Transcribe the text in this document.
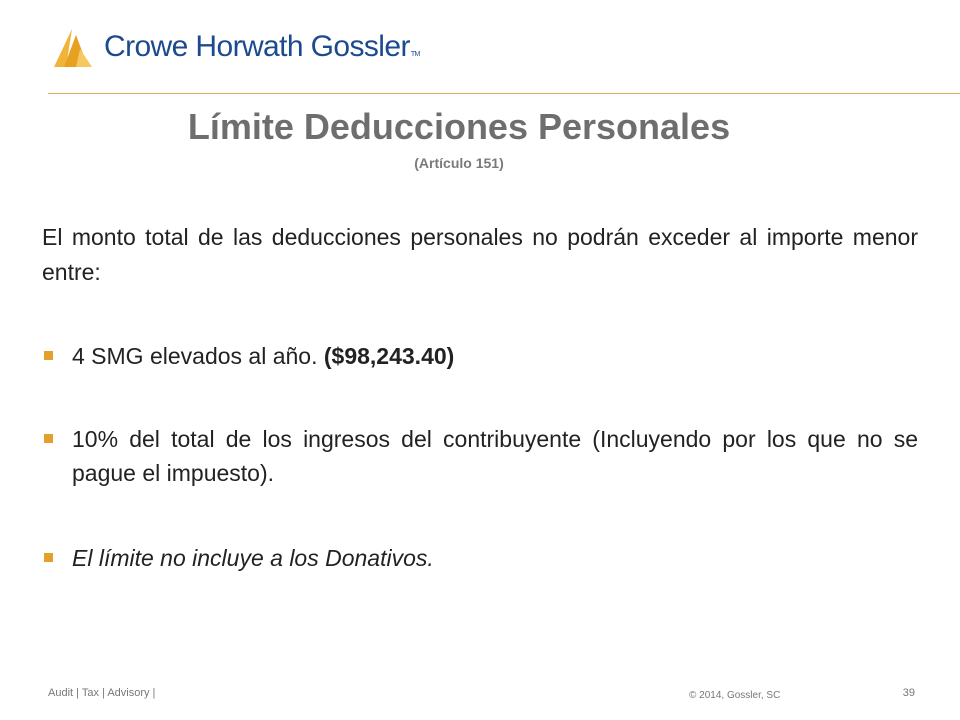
Crowe Horwath GosslerTM
Límite Deducciones Personales
(Artículo 151)

El monto total de las deducciones personales no podrán exceder al importe menor entre:

4 SMG elevados al año. ($98,243.40)
10% del total de los ingresos del contribuyente (Incluyendo por los que no se pague el impuesto).
El límite no incluye a los Donativos.
Audit | Tax | Advisory |	© 2014, Gossler, SC	39
